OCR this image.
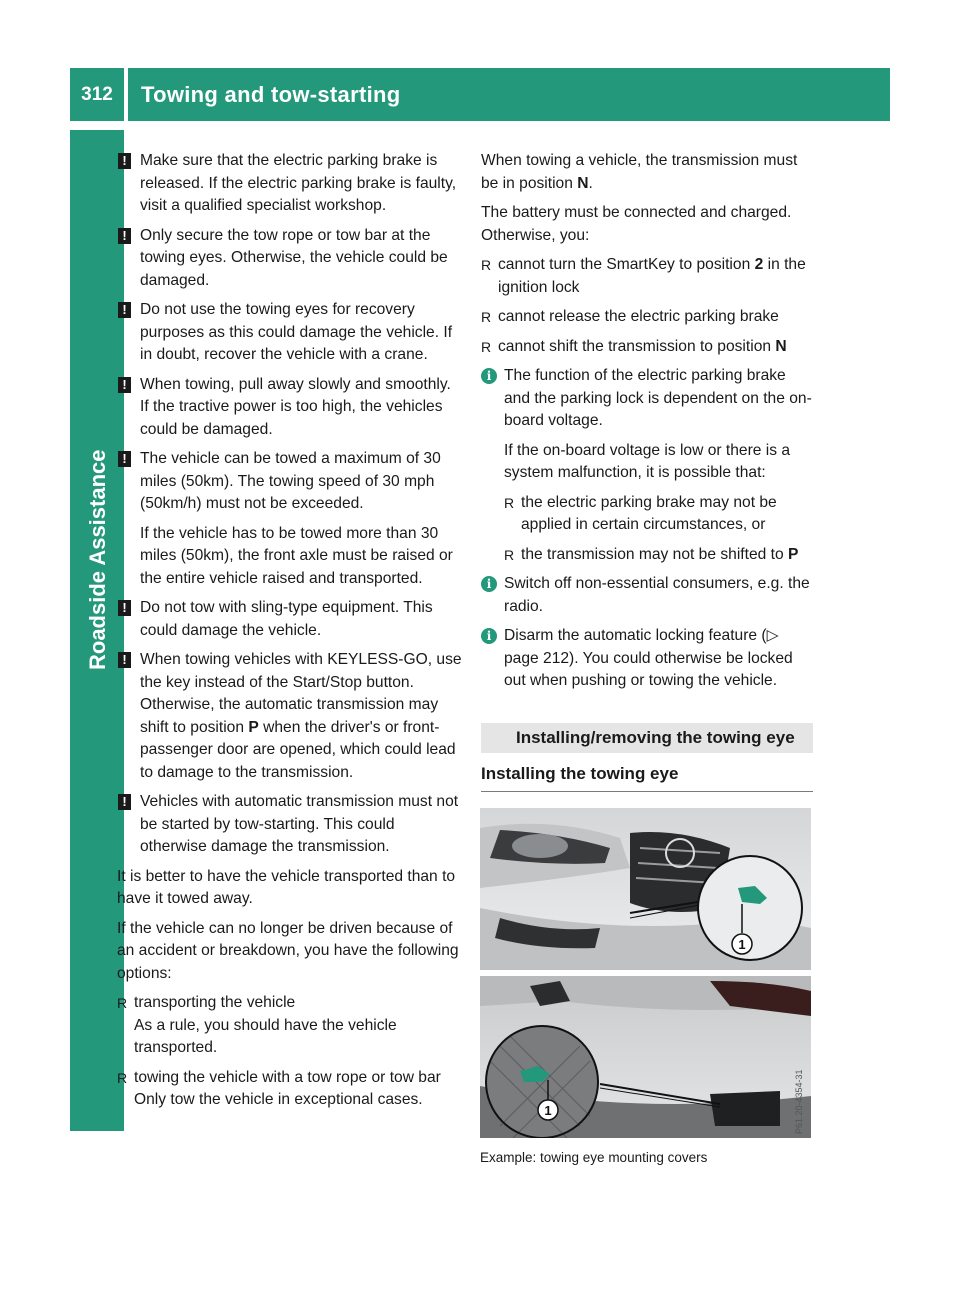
312	Towing and tow-starting
Roadside Assistance
! Make sure that the electric parking brake is released. If the electric parking brake is faulty, visit a qualified specialist workshop.
! Only secure the tow rope or tow bar at the towing eyes. Otherwise, the vehicle could be damaged.
! Do not use the towing eyes for recovery purposes as this could damage the vehicle. If in doubt, recover the vehicle with a crane.
! When towing, pull away slowly and smoothly. If the tractive power is too high, the vehicles could be damaged.
! The vehicle can be towed a maximum of 30 miles (50km). The towing speed of 30 mph (50km/h) must not be exceeded.
If the vehicle has to be towed more than 30 miles (50km), the front axle must be raised or the entire vehicle raised and transported.
! Do not tow with sling-type equipment. This could damage the vehicle.
! When towing vehicles with KEYLESS-GO, use the key instead of the Start/Stop button. Otherwise, the automatic transmission may shift to position P when the driver's or front-passenger door are opened, which could lead to damage to the transmission.
! Vehicles with automatic transmission must not be started by tow-starting. This could otherwise damage the transmission.
It is better to have the vehicle transported than to have it towed away.
If the vehicle can no longer be driven because of an accident or breakdown, you have the following options:
R transporting the vehicle
As a rule, you should have the vehicle transported.
R towing the vehicle with a tow rope or tow bar
Only tow the vehicle in exceptional cases.
When towing a vehicle, the transmission must be in position N.
The battery must be connected and charged. Otherwise, you:
R cannot turn the SmartKey to position 2 in the ignition lock
R cannot release the electric parking brake
R cannot shift the transmission to position N
i The function of the electric parking brake and the parking lock is dependent on the on-board voltage.
If the on-board voltage is low or there is a system malfunction, it is possible that:
R the electric parking brake may not be applied in certain circumstances, or
R the transmission may not be shifted to P
i Switch off non-essential consumers, e.g. the radio.
i Disarm the automatic locking feature (▷ page 212). You could otherwise be locked out when pushing or towing the vehicle.
Installing/removing the towing eye
Installing the towing eye
1
1	P61.20-4354-31
Example: towing eye mounting covers
